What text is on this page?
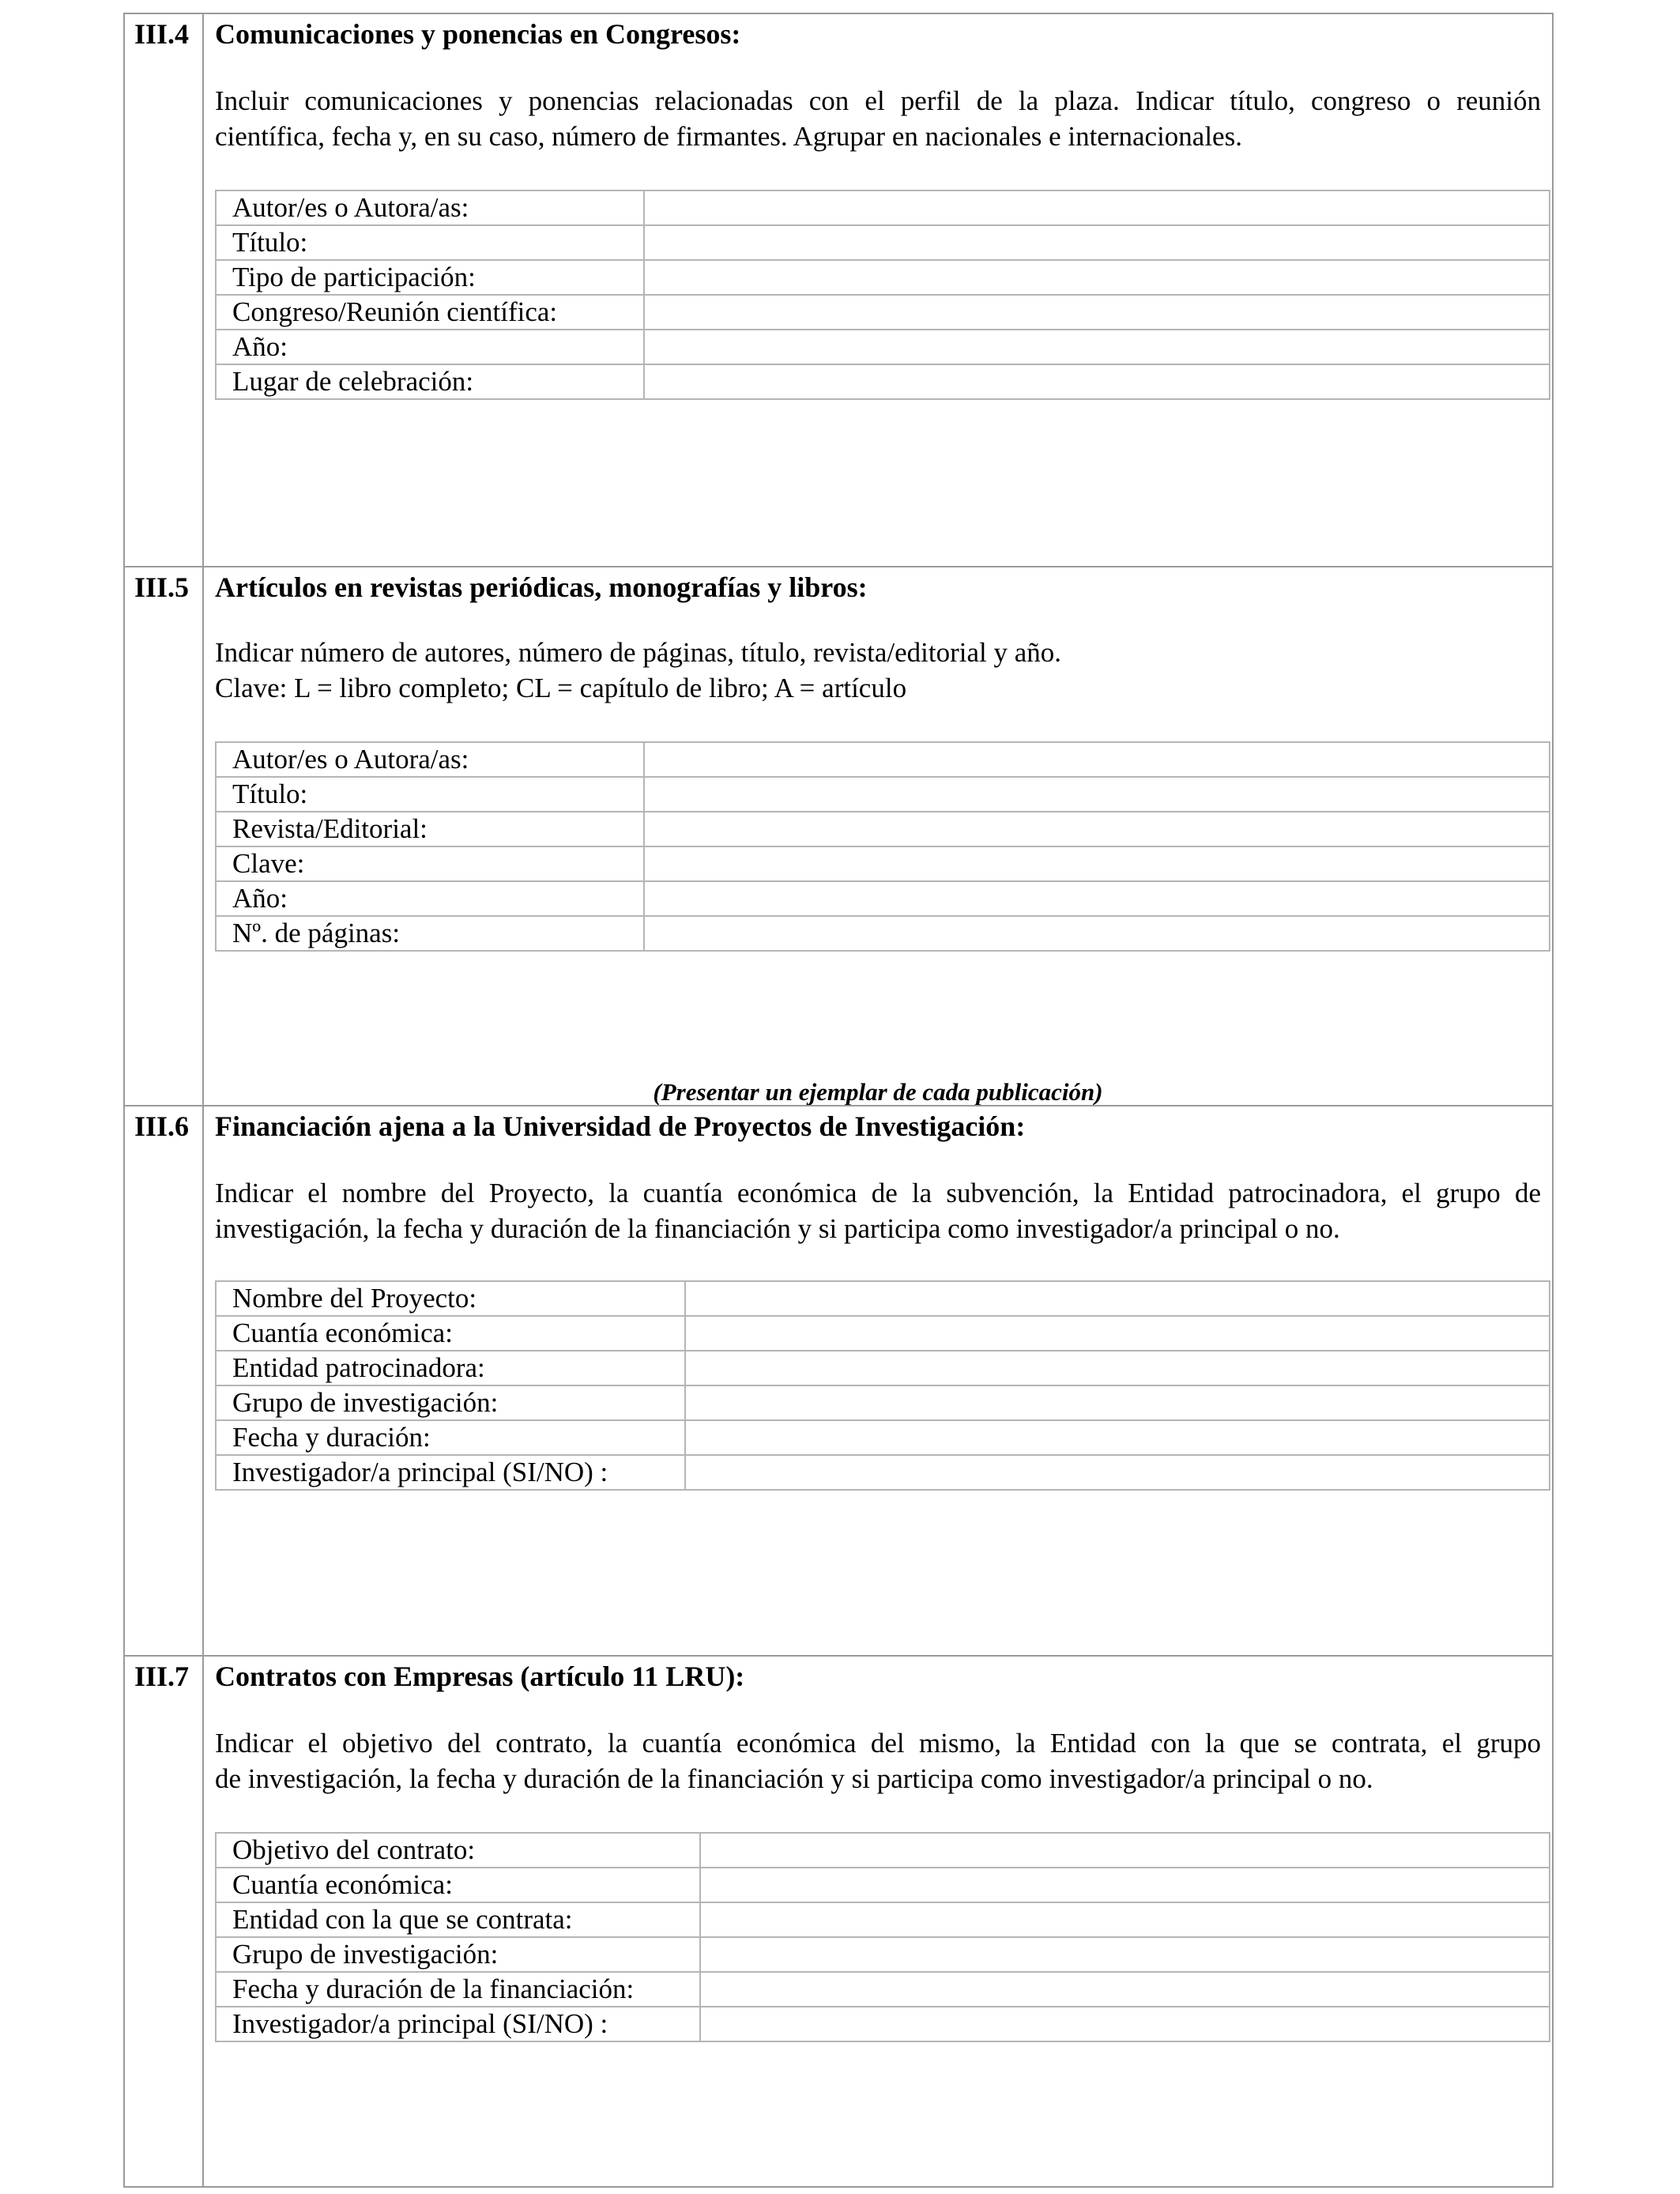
III.4 Comunicaciones y ponencias en Congresos:
Incluir comunicaciones y ponencias relacionadas con el perfil de la plaza. Indicar título, congreso o reunión
científica, fecha y, en su caso, número de firmantes. Agrupar en nacionales e internacionales.
Autor/es o Autora/as:	
Título:	
Tipo de participación:	
Congreso/Reunión científica:	
Año:	
Lugar de celebración:	
III.5 Artículos en revistas periódicas, monografías y libros:
Indicar número de autores, número de páginas, título, revista/editorial y año.
Clave: L = libro completo; CL = capítulo de libro; A = artículo
Autor/es o Autora/as:	
Título:	
Revista/Editorial:	
Clave:	
Año:	
Nº. de páginas:	
(Presentar un ejemplar de cada publicación)
III.6 Financiación ajena a la Universidad de Proyectos de Investigación:
Indicar el nombre del Proyecto, la cuantía económica de la subvención, la Entidad patrocinadora, el grupo de
investigación, la fecha y duración de la financiación y si participa como investigador/a principal o no.
Nombre del Proyecto:	
Cuantía económica:	
Entidad patrocinadora:	
Grupo de investigación:	
Fecha y duración:	
Investigador/a principal (SI/NO) :	
III.7 Contratos con Empresas (artículo 11 LRU):
Indicar el objetivo del contrato, la cuantía económica del mismo, la Entidad con la que se contrata, el grupo
de investigación, la fecha y duración de la financiación y si participa como investigador/a principal o no.
Objetivo del contrato:	
Cuantía económica:	
Entidad con la que se contrata:	
Grupo de investigación:	
Fecha y duración de la financiación:	
Investigador/a principal (SI/NO) :	
